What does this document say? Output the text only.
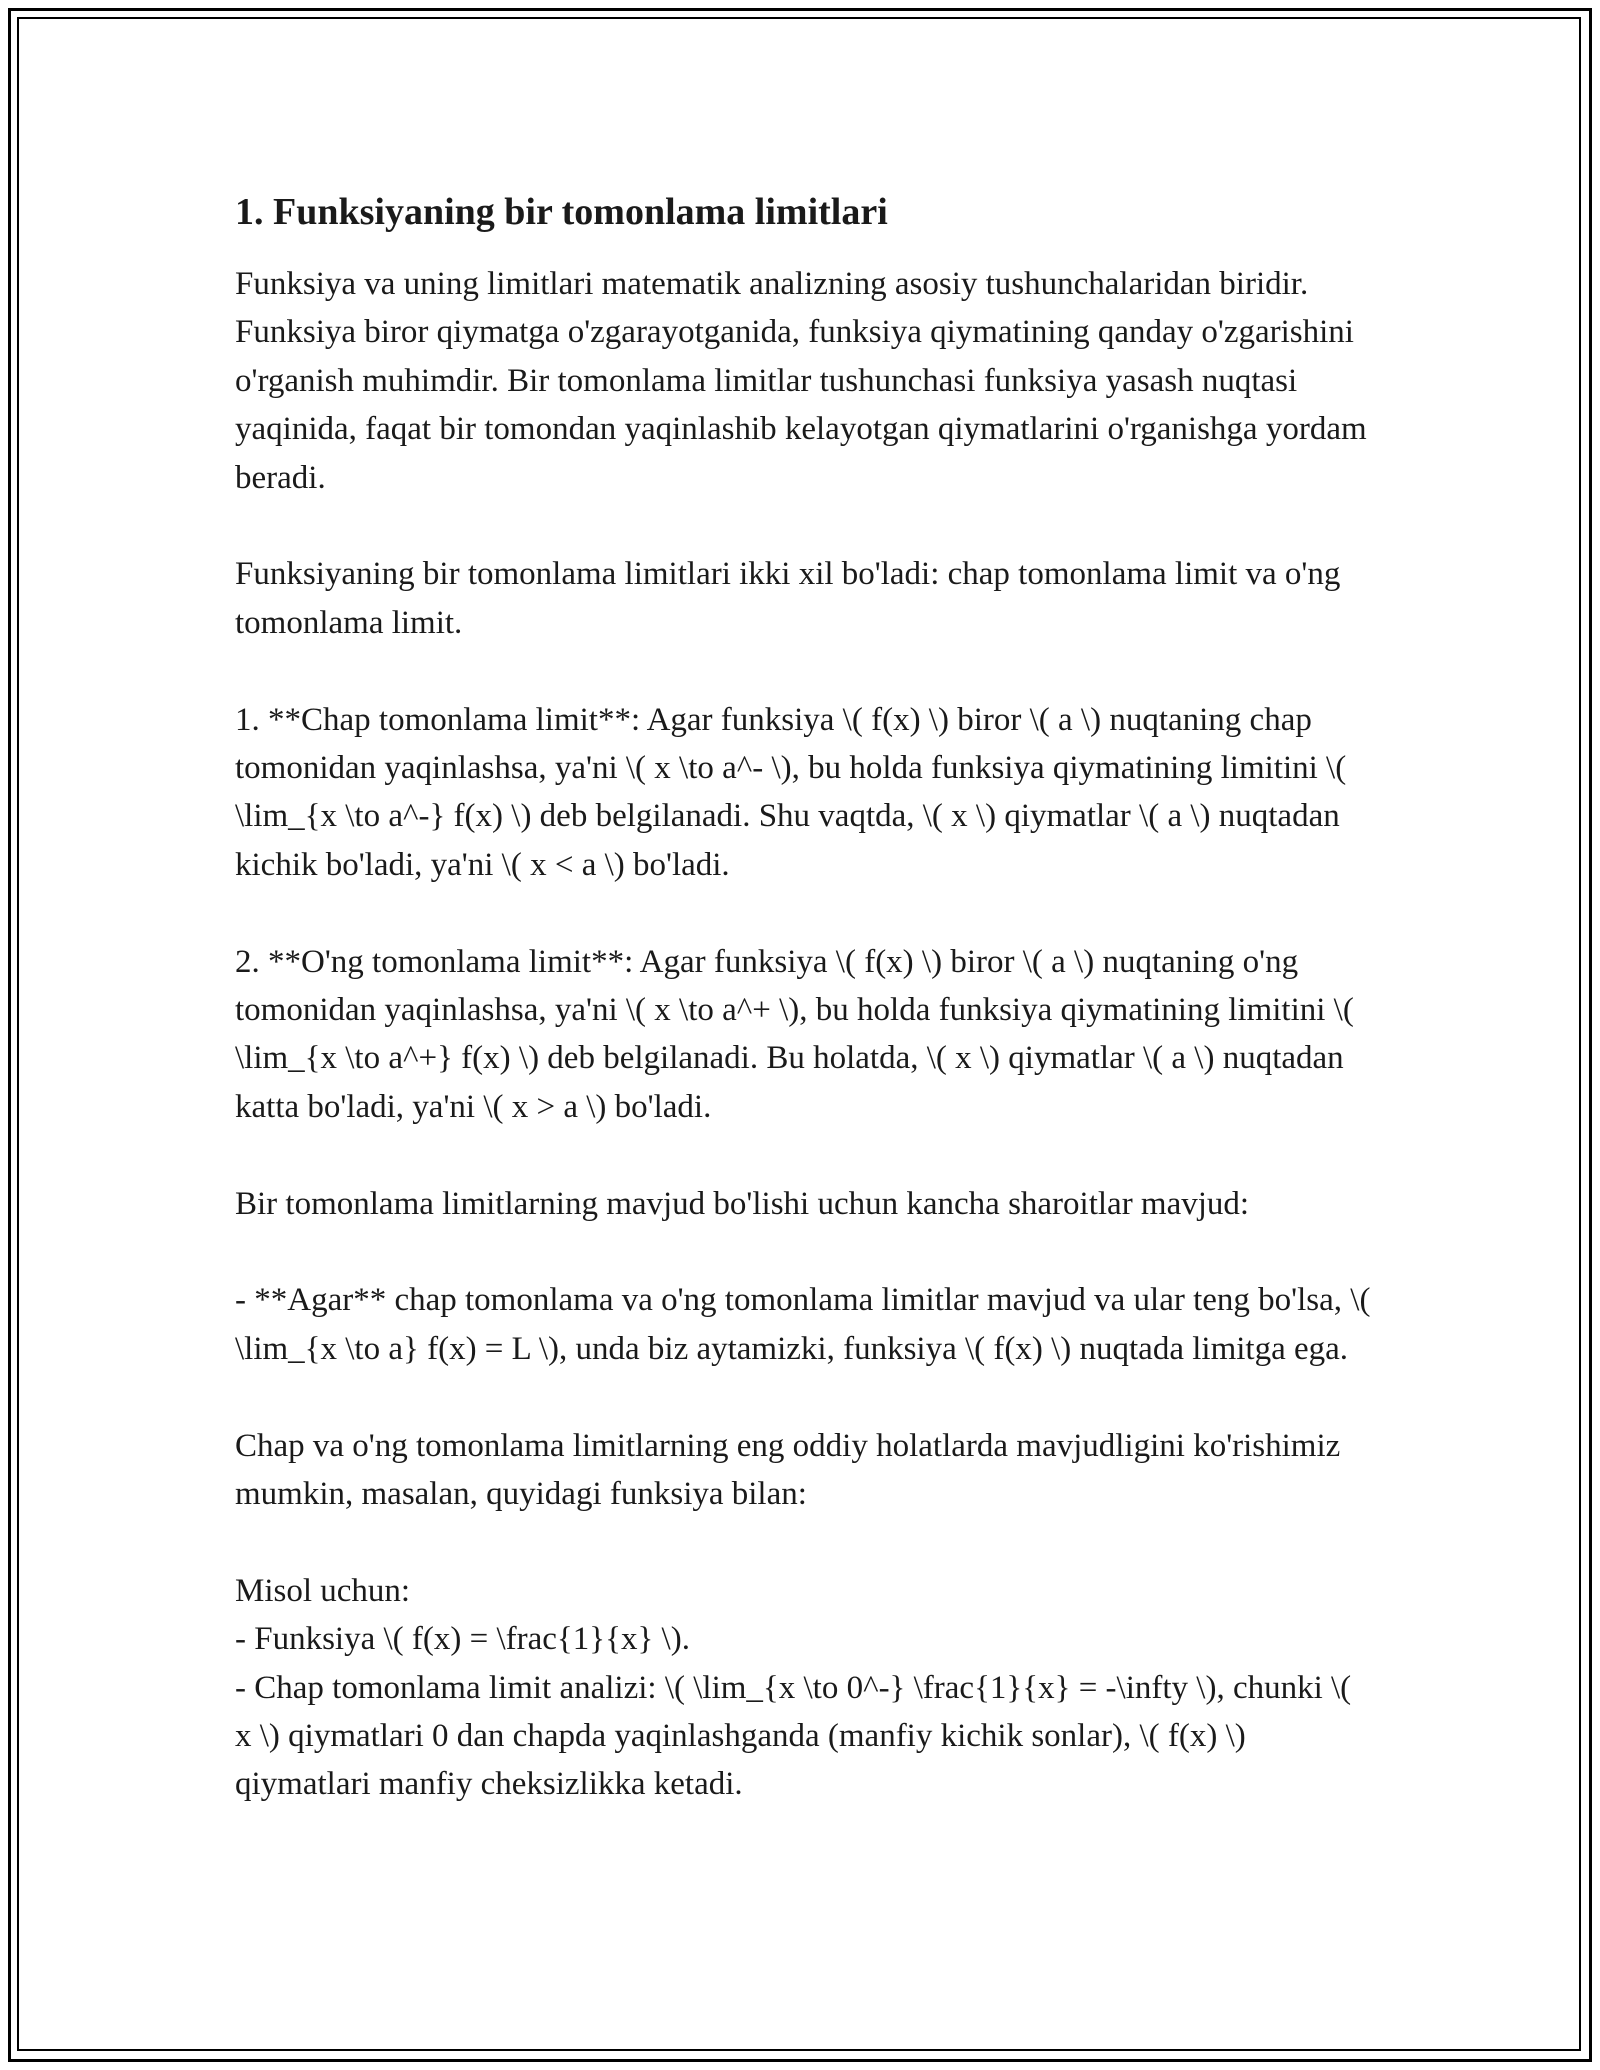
1. Funksiyaning bir tomonlama limitlari

Funksiya va uning limitlari matematik analizning asosiy tushunchalaridan biridir. Funksiya biror qiymatga o'zgarayotganida, funksiya qiymatining qanday o'zgarishini o'rganish muhimdir. Bir tomonlama limitlar tushunchasi funksiya yasash nuqtasi yaqinida, faqat bir tomondan yaqinlashib kelayotgan qiymatlarini o'rganishga yordam beradi.

Funksiyaning bir tomonlama limitlari ikki xil bo'ladi: chap tomonlama limit va o'ng tomonlama limit.

1. **Chap tomonlama limit**: Agar funksiya \( f(x) \) biror \( a \) nuqtaning chap tomonidan yaqinlashsa, ya'ni \( x \to a^- \), bu holda funksiya qiymatining limitini \( \lim_{x \to a^-} f(x) \) deb belgilanadi. Shu vaqtda, \( x \) qiymatlar \( a \) nuqtadan kichik bo'ladi, ya'ni \( x < a \) bo'ladi.

2. **O'ng tomonlama limit**: Agar funksiya \( f(x) \) biror \( a \) nuqtaning o'ng tomonidan yaqinlashsa, ya'ni \( x \to a^+ \), bu holda funksiya qiymatining limitini \( \lim_{x \to a^+} f(x) \) deb belgilanadi. Bu holatda, \( x \) qiymatlar \( a \) nuqtadan katta bo'ladi, ya'ni \( x > a \) bo'ladi.

Bir tomonlama limitlarning mavjud bo'lishi uchun kancha sharoitlar mavjud:

- **Agar** chap tomonlama va o'ng tomonlama limitlar mavjud va ular teng bo'lsa, \( \lim_{x \to a} f(x) = L \), unda biz aytamizki, funksiya \( f(x) \) nuqtada limitga ega.

Chap va o'ng tomonlama limitlarning eng oddiy holatlarda mavjudligini ko'rishimiz mumkin, masalan, quyidagi funksiya bilan:

Misol uchun:

- Funksiya \( f(x) = \frac{1}{x} \).

- Chap tomonlama limit analizi: \( \lim_{x \to 0^-} \frac{1}{x} = -\infty \), chunki \( x \) qiymatlari 0 dan chapda yaqinlashganda (manfiy kichik sonlar), \( f(x) \) qiymatlari manfiy cheksizlikka ketadi.
